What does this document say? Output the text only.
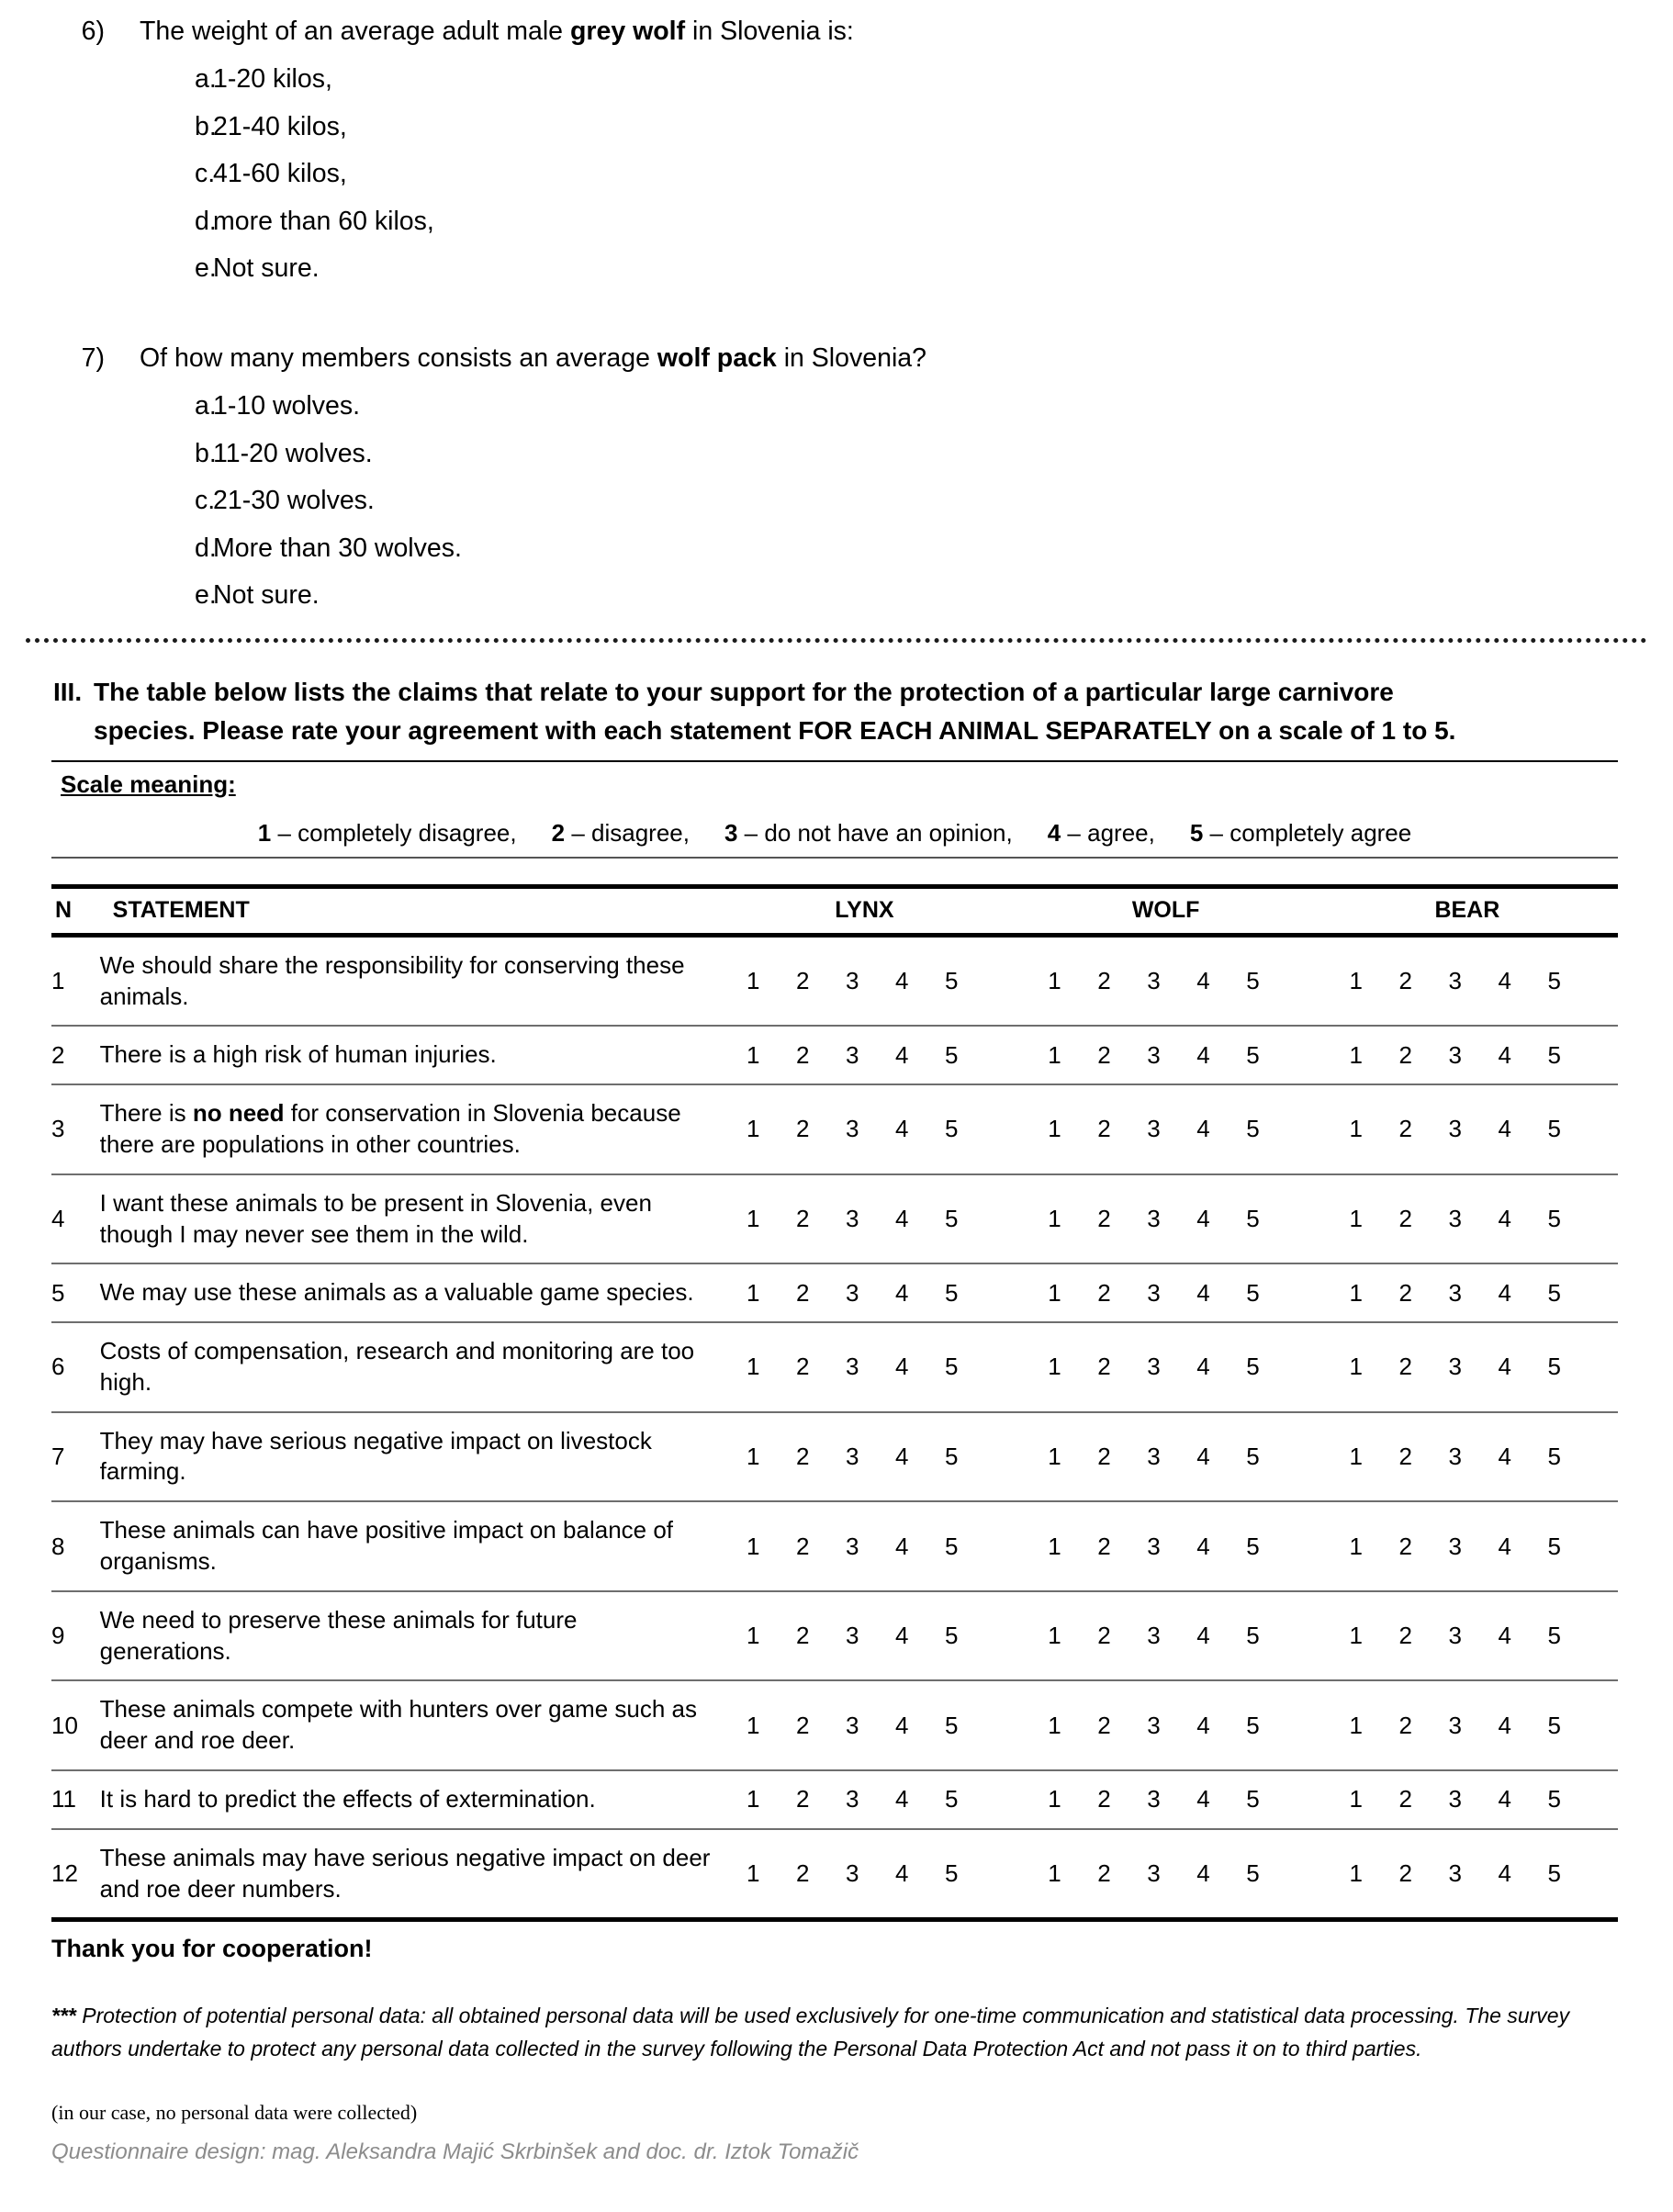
6)	The weight of an average adult male grey wolf in Slovenia is:
a.
1-20 kilos,
b.
21-40 kilos,
c.
41-60 kilos,
d.
more than 60 kilos,
e.
Not sure.
7)	Of how many members consists an average wolf pack in Slovenia?
a.
1-10 wolves.
b.
11-20 wolves.
c.
21-30 wolves.
d.
More than 30 wolves.
e.
Not sure.
III. The table below lists the claims that relate to your support for the protection of a particular large carnivore
species. Please rate your agreement with each statement FOR EACH ANIMAL SEPARATELY on a scale of 1 to 5.
Scale meaning:
1 – completely disagree, 2 – disagree, 3 – do not have an opinion, 4 – agree, 5 – completely agree
N	STATEMENT	LYNX	WOLF	BEAR
1	We should share the responsibility for conserving these animals.	1 2 3 4 5	1 2 3 4 5	1 2 3 4 5

2	There is a high risk of human injuries.	1 2 3 4 5	1 2 3 4 5	1 2 3 4 5

3	There is no need for conservation in Slovenia because there are populations in other countries.	1 2 3 4 5	1 2 3 4 5	1 2 3 4 5

4	I want these animals to be present in Slovenia, even though I may never see them in the wild.	1 2 3 4 5	1 2 3 4 5	1 2 3 4 5

5	We may use these animals as a valuable game species.	1 2 3 4 5	1 2 3 4 5	1 2 3 4 5

6	Costs of compensation, research and monitoring are too high.	1 2 3 4 5	1 2 3 4 5	1 2 3 4 5

7	They may have serious negative impact on livestock farming.	1 2 3 4 5	1 2 3 4 5	1 2 3 4 5

8	These animals can have positive impact on balance of organisms.	1 2 3 4 5	1 2 3 4 5	1 2 3 4 5

9	We need to preserve these animals for future generations.	1 2 3 4 5	1 2 3 4 5	1 2 3 4 5

10	These animals compete with hunters over game such as deer and roe deer.	1 2 3 4 5	1 2 3 4 5	1 2 3 4 5

11	It is hard to predict the effects of extermination.	1 2 3 4 5	1 2 3 4 5	1 2 3 4 5

12	These animals may have serious negative impact on deer and roe deer numbers.	1 2 3 4 5	1 2 3 4 5	1 2 3 4 5
Thank you for cooperation!
*** Protection of potential personal data: all obtained personal data will be used exclusively for one-time communication and statistical data processing. The survey authors undertake to protect any personal data collected in the survey following the Personal Data Protection Act and not pass it on to third parties.
(in our case, no personal data were collected)
Questionnaire design: mag. Aleksandra Majić Skrbinšek and doc. dr. Iztok Tomažič
